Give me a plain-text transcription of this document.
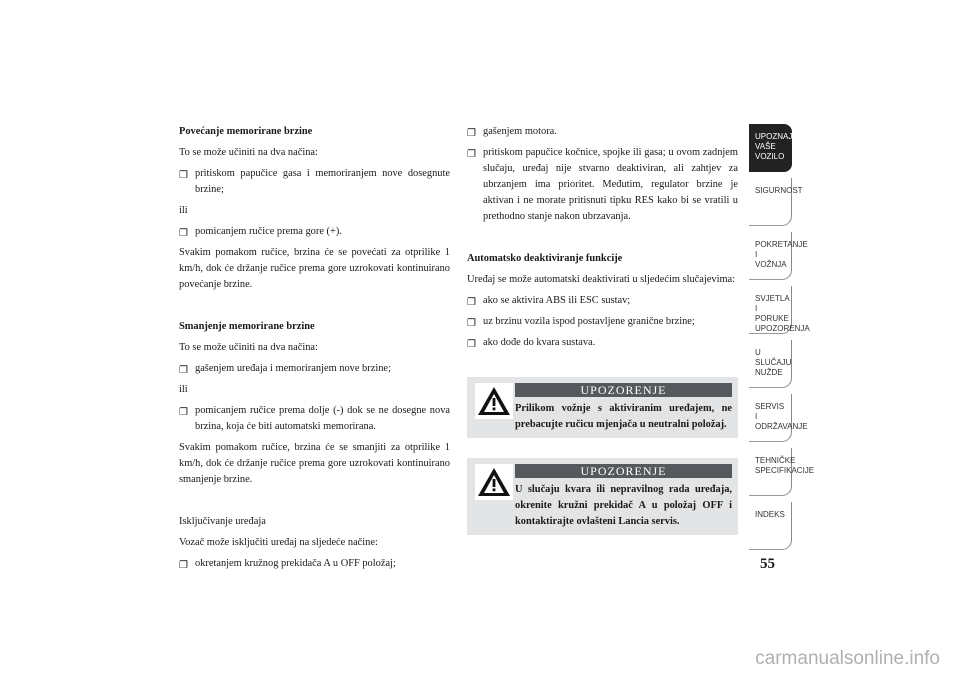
Povećanje memorirane brzine
To se može učiniti na dva načina:
❐ pritiskom papučice gasa i memoriranjem nove dosegnute brzine;
ili
❐ pomicanjem ručice prema gore (+).
Svakim pomakom ručice, brzina će se povećati za otprilike 1 km/h, dok će držanje ručice prema gore uzrokovati kontinuirano povećanje brzine.
Smanjenje memorirane brzine
To se može učiniti na dva načina:
❐ gašenjem uređaja i memoriranjem nove brzine;
ili
❐ pomicanjem ručice prema dolje (-) dok se ne dosegne nova brzina, koja će biti automatski memorirana.
Svakim pomakom ručice, brzina će se smanjiti za otprilike 1 km/h, dok će držanje ručice prema gore uzrokovati kontinuirano smanjenje brzine.
Isključivanje uređaja
Vozač može isključiti uređaj na sljedeće načine:
❐ okretanjem kružnog prekidača A u OFF položaj;
❐ gašenjem motora.
❐ pritiskom papučice kočnice, spojke ili gasa; u ovom zadnjem slučaju, uređaj nije stvarno deaktiviran, ali zahtjev za ubrzanjem ima prioritet. Međutim, regulator brzine je aktivan i ne morate pritisnuti tipku RES kako bi se vratili u prethodno stanje nakon ubrzavanja.
Automatsko deaktiviranje funkcije
Uređaj se može automatski deaktivirati u sljedećim slučajevima:
❐ ako se aktivira ABS ili ESC sustav;
❐ uz brzinu vozila ispod postavljene granične brzine;
❐ ako dođe do kvara sustava.
UPOZORENJE
Prilikom vožnje s aktiviranim uređajem, ne prebacujte ručicu mjenjača u neutralni položaj.
UPOZORENJE
U slučaju kvara ili nepravilnog rada uređaja, okrenite kružni prekidač A u položaj OFF i kontaktirajte ovlašteni Lancia servis.
UPOZNAJTE
VAŠE
VOZILO
SIGURNOST
POKRETANJE
I
VOŽNJA
SVJETLA I
PORUKE
UPOZORENJA
U SLUČAJU
NUŽDE
SERVIS
I
ODRŽAVANJE
TEHNIČKE
SPECIFIKACIJE
INDEKS
55
carmanualsonline.info
